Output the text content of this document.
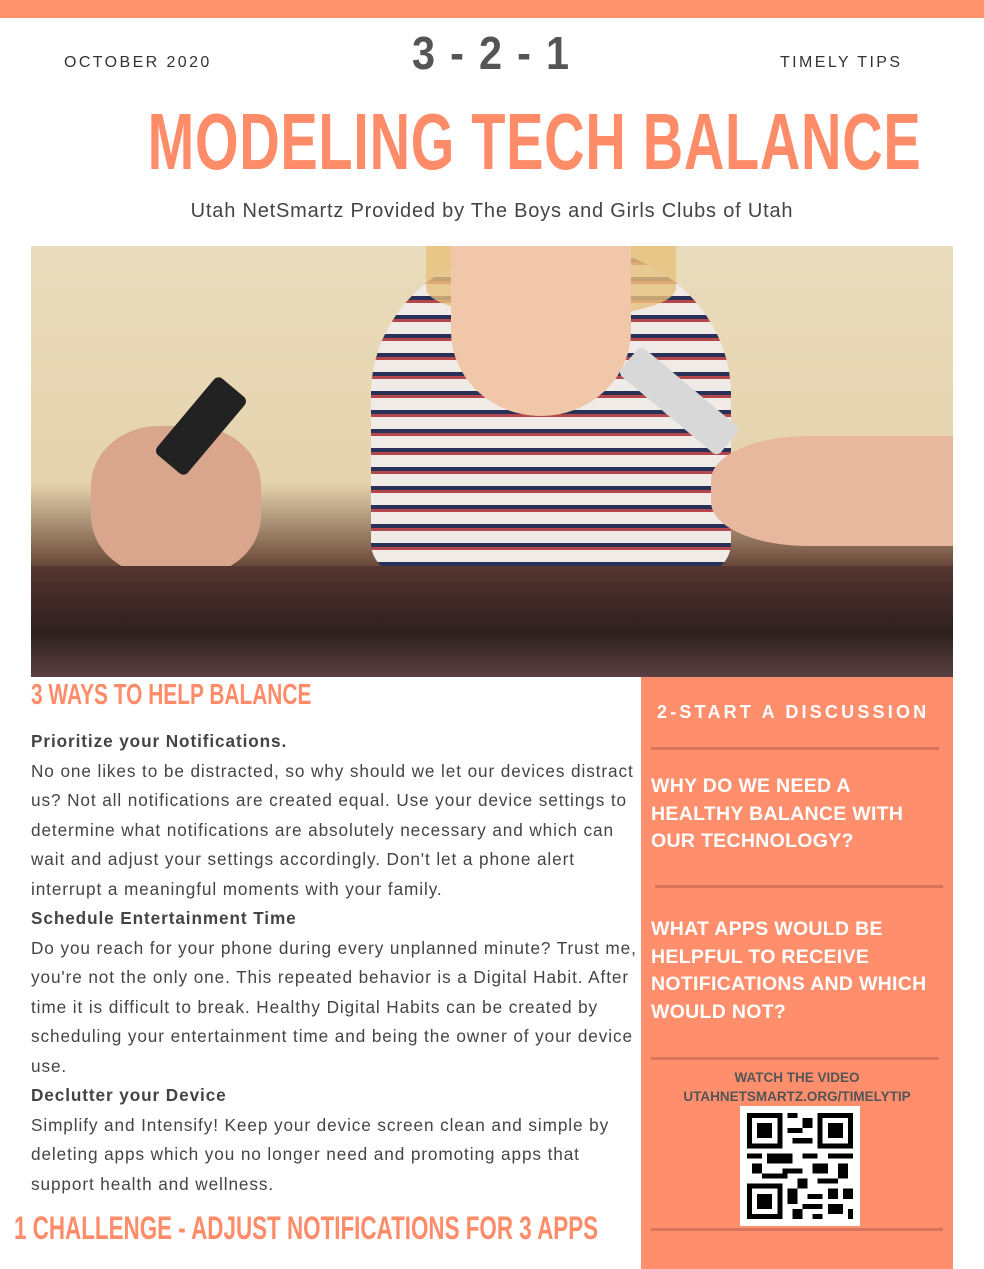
OCTOBER 2020	3 - 2 - 1	TIMELY TIPS
MODELING TECH BALANCE
Utah NetSmartz Provided by The Boys and Girls Clubs of Utah
3 WAYS TO HELP BALANCE

Prioritize your Notifications.

No one likes to be distracted, so why should we let our devices distract us? Not all notifications are created equal. Use your device settings to determine what notifications are absolutely necessary and which can wait and adjust your settings accordingly. Don't let a phone alert interrupt a meaningful moments with your family.

Schedule Entertainment Time

Do you reach for your phone during every unplanned minute? Trust me, you're not the only one. This repeated behavior is a Digital Habit. After time it is difficult to break. Healthy Digital Habits can be created by scheduling your entertainment time and being the owner of your device use.

Declutter your Device

Simplify and Intensify! Keep your device screen clean and simple by deleting apps which you no longer need and promoting apps that support health and wellness.

1 CHALLENGE - ADJUST NOTIFICATIONS FOR 3 APPS
2-START A DISCUSSION
WHY DO WE NEED A HEALTHY BALANCE WITH OUR TECHNOLOGY?
WHAT APPS WOULD BE HELPFUL TO RECEIVE NOTIFICATIONS AND WHICH WOULD NOT?
WATCH THE VIDEO
UTAHNETSMARTZ.ORG/TIMELYTIP
